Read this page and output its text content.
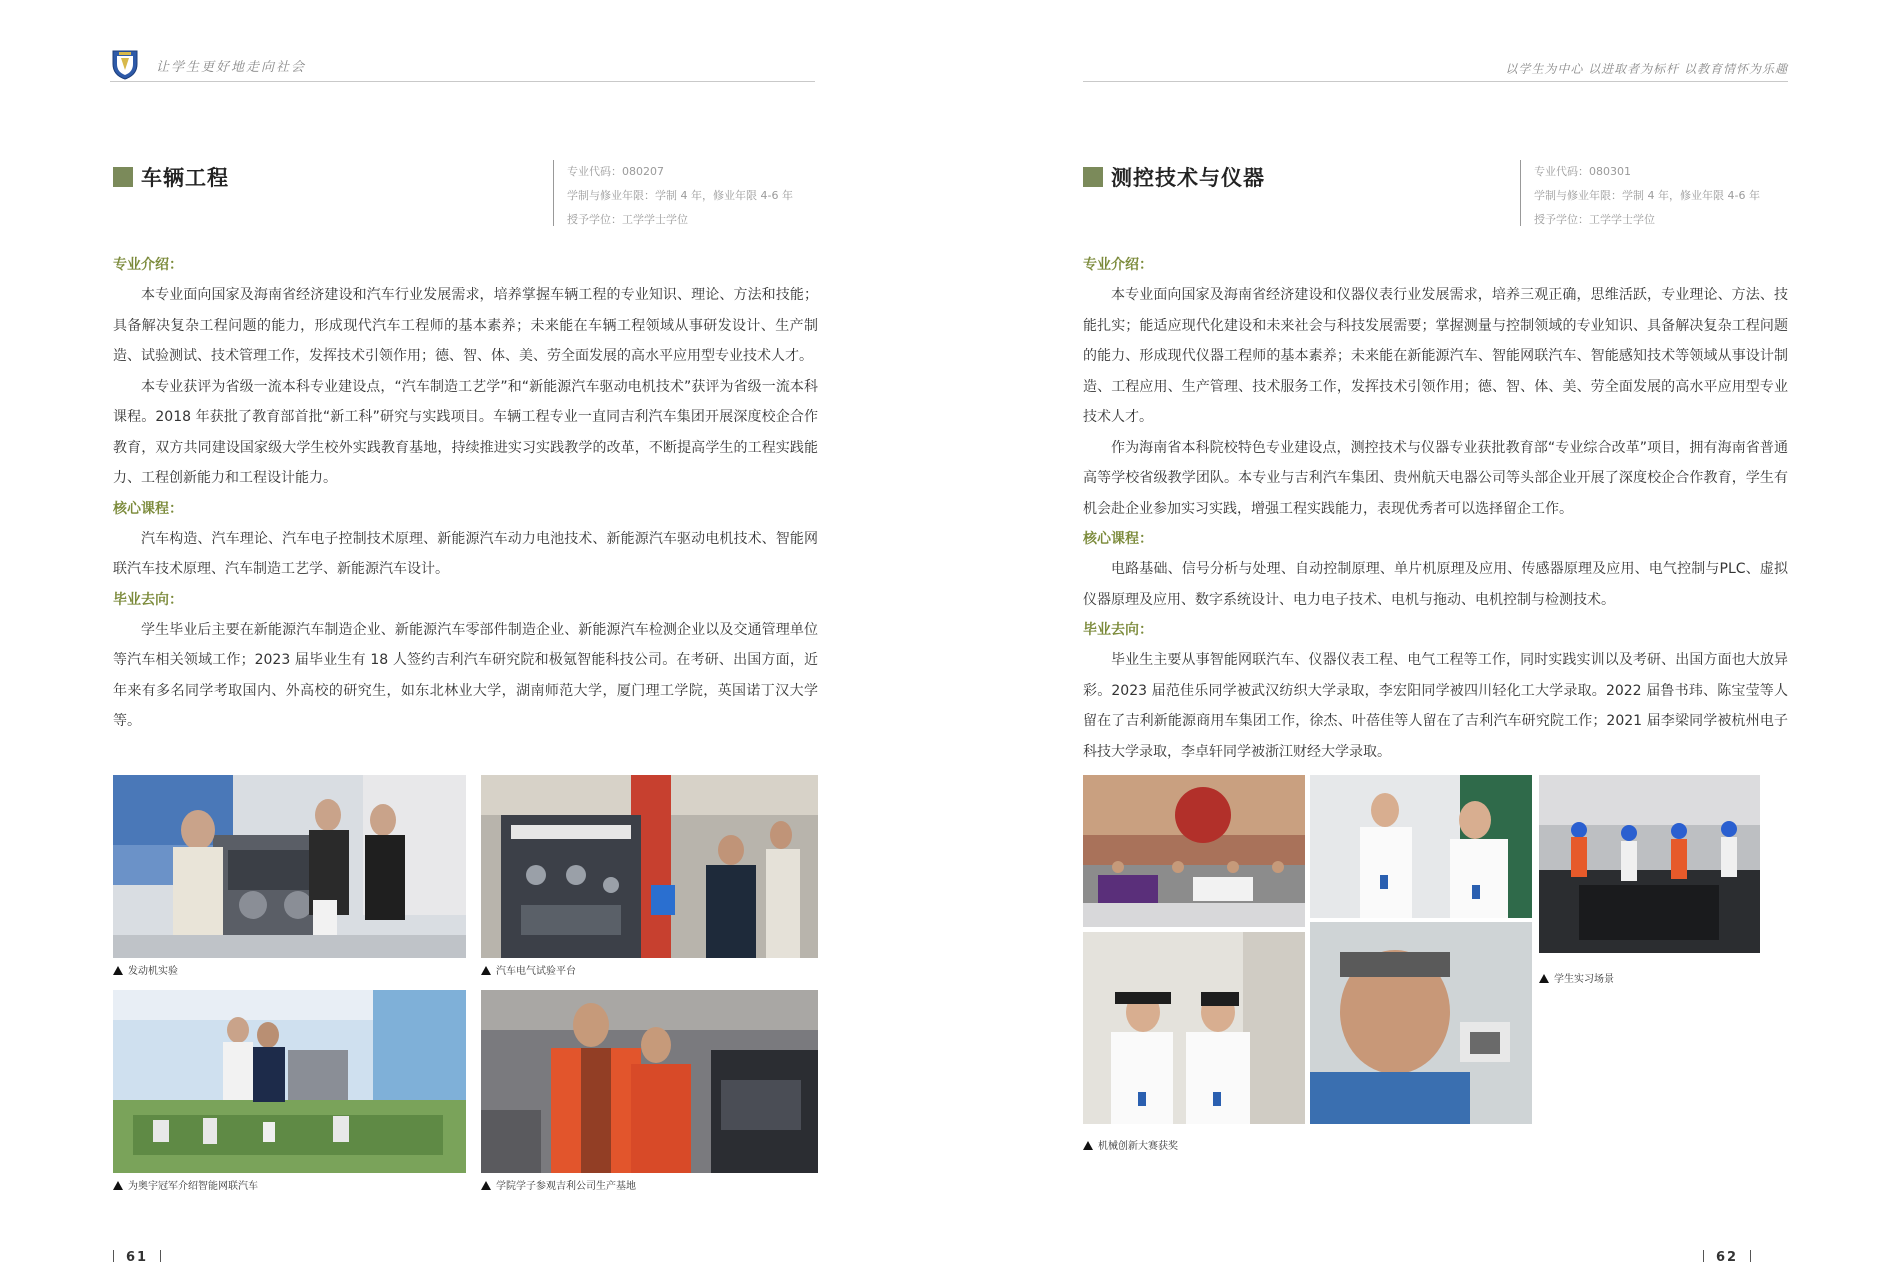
让学生更好地走向社会
车辆工程	专业代码：080207
学制与修业年限：学制 4 年，修业年限 4-6 年
授予学位：工学学士学位
专业介绍：

本专业面向国家及海南省经济建设和汽车行业发展需求，培养掌握车辆工程的专业知识、理论、方法和技能；具备解决复杂工程问题的能力，形成现代汽车工程师的基本素养；未来能在车辆工程领域从事研发设计、生产制造、试验测试、技术管理工作，发挥技术引领作用；德、智、体、美、劳全面发展的高水平应用型专业技术人才。

本专业获评为省级一流本科专业建设点，“汽车制造工艺学”和“新能源汽车驱动电机技术”获评为省级一流本科课程。2018 年获批了教育部首批“新工科”研究与实践项目。车辆工程专业一直同吉利汽车集团开展深度校企合作教育，双方共同建设国家级大学生校外实践教育基地，持续推进实习实践教学的改革，不断提高学生的工程实践能力、工程创新能力和工程设计能力。

核心课程：

汽车构造、汽车理论、汽车电子控制技术原理、新能源汽车动力电池技术、新能源汽车驱动电机技术、智能网联汽车技术原理、汽车制造工艺学、新能源汽车设计。

毕业去向：

学生毕业后主要在新能源汽车制造企业、新能源汽车零部件制造企业、新能源汽车检测企业以及交通管理单位等汽车相关领域工作；2023 届毕业生有 18 人签约吉利汽车研究院和极氪智能科技公司。在考研、出国方面，近年来有多名同学考取国内、外高校的研究生，如东北林业大学，湖南师范大学，厦门理工学院，英国诺丁汉大学等。

发动机实验	汽车电气试验平台
为奥宇冠军介绍智能网联汽车	学院学子参观吉利公司生产基地
61
以学生为中心 以进取者为标杆 以教育情怀为乐趣
测控技术与仪器	专业代码：080301
学制与修业年限：学制 4 年，修业年限 4-6 年
授予学位：工学学士学位
专业介绍：

本专业面向国家及海南省经济建设和仪器仪表行业发展需求，培养三观正确，思维活跃，专业理论、方法、技能扎实；能适应现代化建设和未来社会与科技发展需要；掌握测量与控制领域的专业知识、具备解决复杂工程问题的能力、形成现代仪器工程师的基本素养；未来能在新能源汽车、智能网联汽车、智能感知技术等领域从事设计制造、工程应用、生产管理、技术服务工作，发挥技术引领作用；德、智、体、美、劳全面发展的高水平应用型专业技术人才。

作为海南省本科院校特色专业建设点，测控技术与仪器专业获批教育部“专业综合改革”项目，拥有海南省普通高等学校省级教学团队。本专业与吉利汽车集团、贵州航天电器公司等头部企业开展了深度校企合作教育，学生有机会赴企业参加实习实践，增强工程实践能力，表现优秀者可以选择留企工作。

核心课程：

电路基础、信号分析与处理、自动控制原理、单片机原理及应用、传感器原理及应用、电气控制与PLC、虚拟仪器原理及应用、数字系统设计、电力电子技术、电机与拖动、电机控制与检测技术。

毕业去向：

毕业生主要从事智能网联汽车、仪器仪表工程、电气工程等工作，同时实践实训以及考研、出国方面也大放异彩。2023 届范佳乐同学被武汉纺织大学录取，李宏阳同学被四川轻化工大学录取。2022 届鲁书玮、陈宝莹等人留在了吉利新能源商用车集团工作，徐杰、叶蓓佳等人留在了吉利汽车研究院工作；2021 届李梁同学被杭州电子科技大学录取，李卓轩同学被浙江财经大学录取。

学生实习场景
机械创新大赛获奖
62
